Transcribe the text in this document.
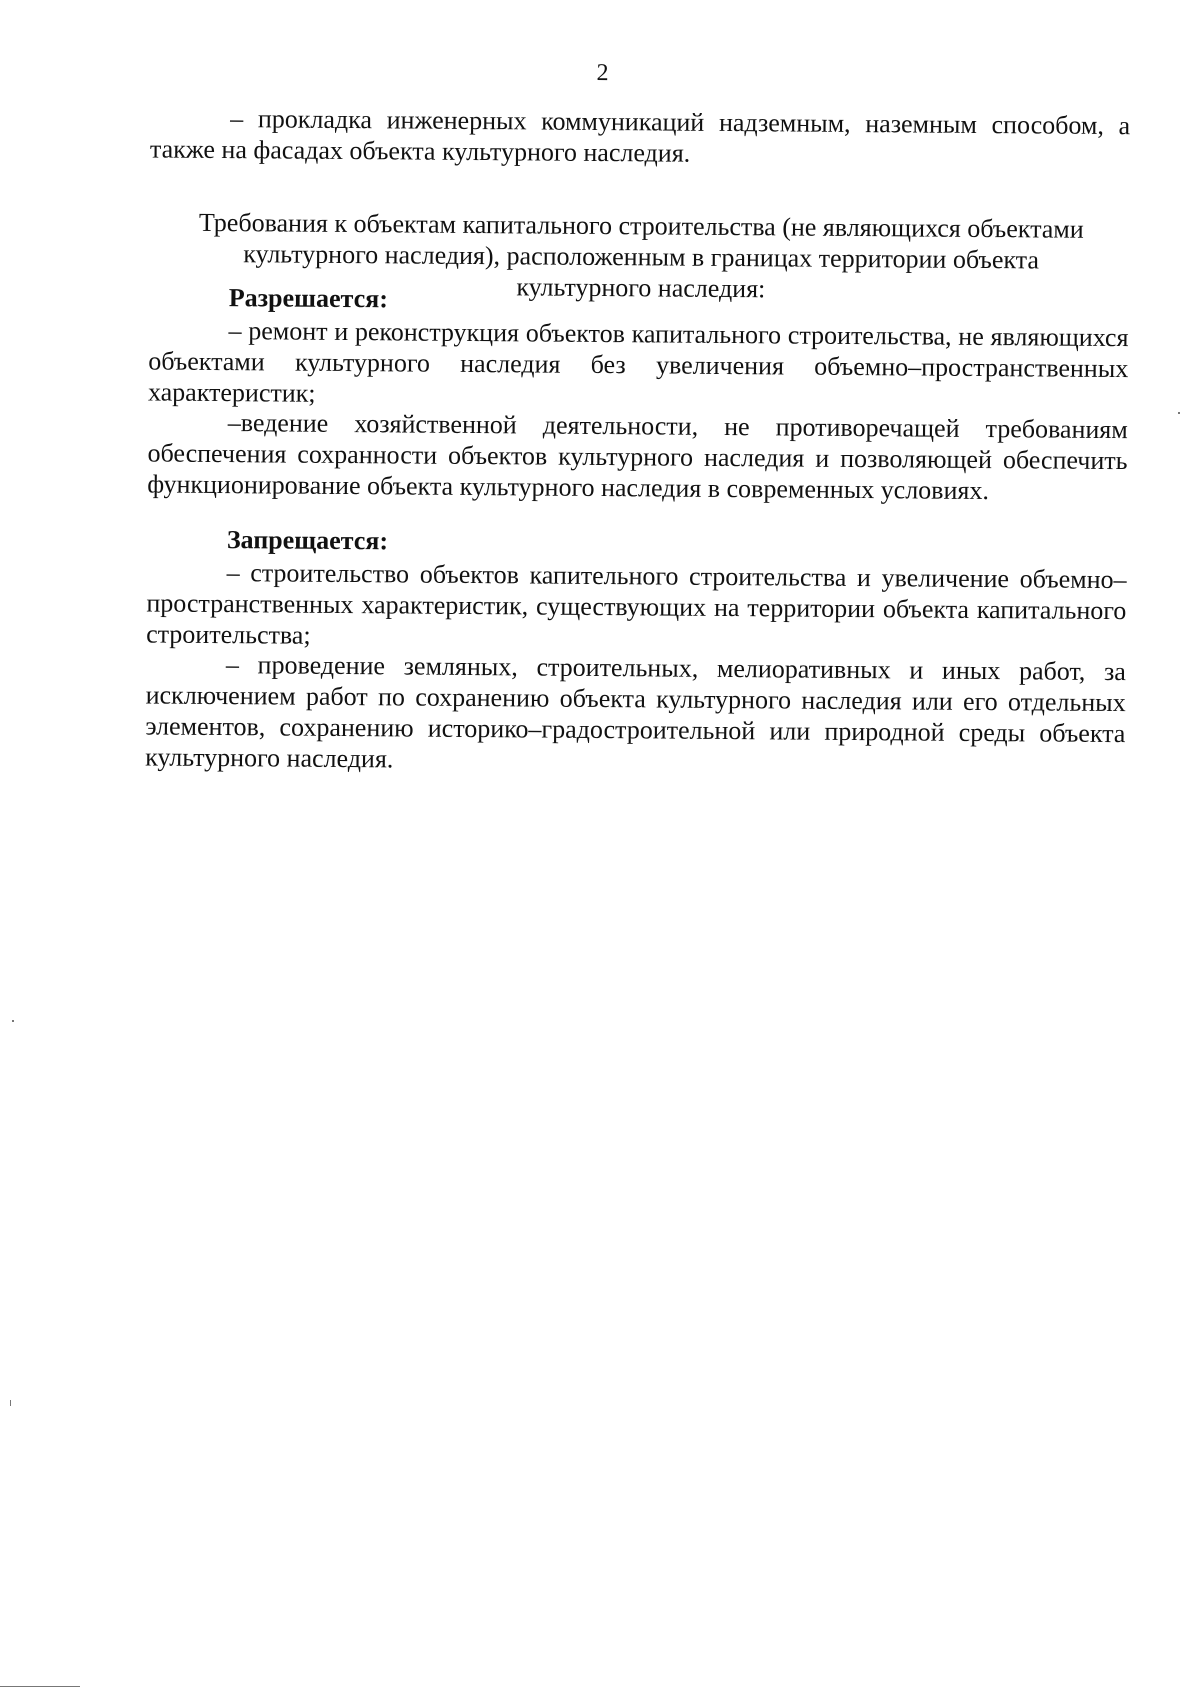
2

– прокладка инженерных коммуникаций надземным, наземным способом, а также на фасадах объекта культурного наследия.

Требования к объектам капитального строительства (не являющихся объектами культурного наследия), расположенным в границах территории объекта культурного наследия:

Разрешается:

– ремонт и реконструкция объектов капитального строительства, не являющихся объектами культурного наследия без увеличения объемно–пространственных характеристик;

–ведение хозяйственной деятельности, не противоречащей требованиям обеспечения сохранности объектов культурного наследия и позволяющей обеспечить функционирование объекта культурного наследия в современных условиях.

Запрещается:

– строительство объектов капительного строительства и увеличение объемно–пространственных характеристик, существующих на территории объекта капитального строительства;

– проведение земляных, строительных, мелиоративных и иных работ, за исключением работ по сохранению объекта культурного наследия или его отдельных элементов, сохранению историко–градостроительной или природной среды объекта культурного наследия.
